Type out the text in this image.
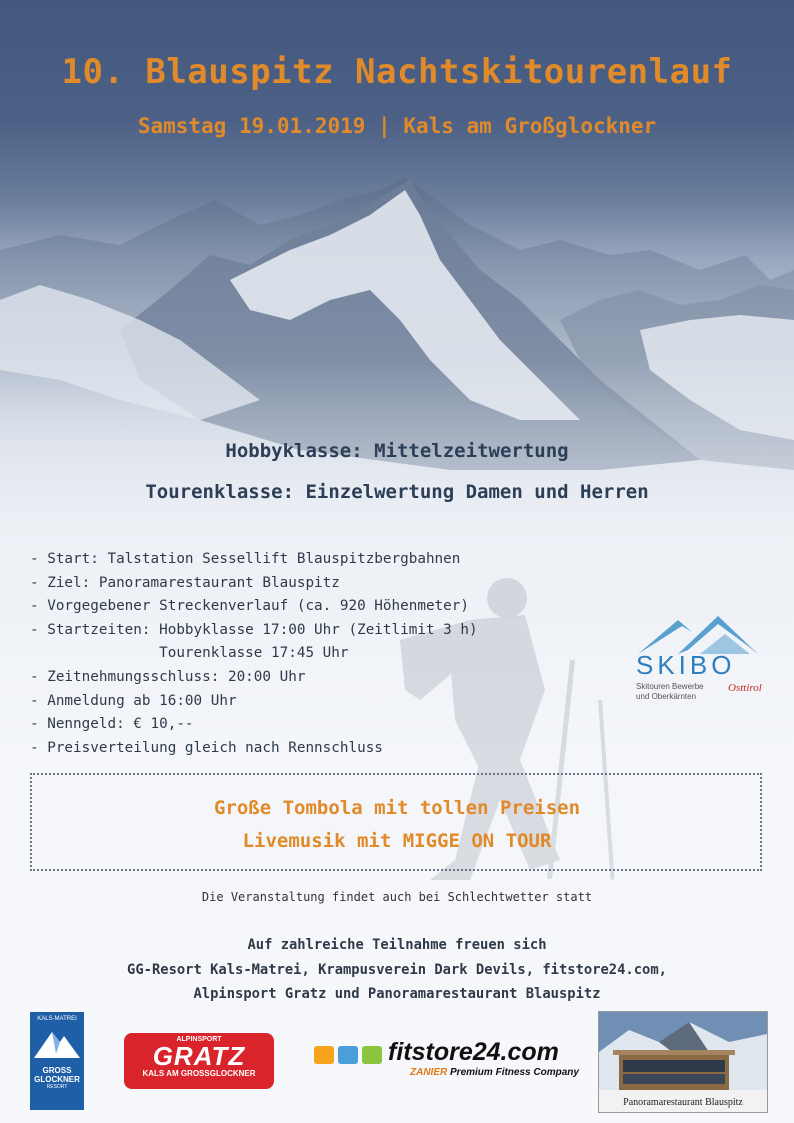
10. Blauspitz Nachtskitourenlauf
Samstag 19.01.2019 | Kals am Großglockner
Hobbyklasse: Mittelzeitwertung
Tourenklasse: Einzelwertung Damen und Herren
- Start: Talstation Sessellift Blauspitzbergbahnen
- Ziel: Panoramarestaurant Blauspitz
- Vorgegebener Streckenverlauf (ca. 920 Höhenmeter)
- Startzeiten: Hobbyklasse 17:00 Uhr (Zeitlimit 3 h)
Tourenklasse 17:45 Uhr
- Zeitnehmungsschluss: 20:00 Uhr
- Anmeldung ab 16:00 Uhr
- Nenngeld: € 10,--
- Preisverteilung gleich nach Rennschluss
SKIBO
Skitouren Bewerbe
und Oberkärnten
Osttirol
Große Tombola mit tollen Preisen
Livemusik mit MIGGE ON TOUR
Die Veranstaltung findet auch bei Schlechtwetter statt
Auf zahlreiche Teilnahme freuen sich
GG-Resort Kals-Matrei, Krampusverein Dark Devils, fitstore24.com,
Alpinsport Gratz und Panoramarestaurant Blauspitz
KALS-MATREI
GROSS
GLOCKNER
RESORT
ALPINSPORT
GRATZ
KALS AM GROSSGLOCKNER
fitstore24.com
ZANIER Premium Fitness Company
Panoramarestaurant Blauspitz
